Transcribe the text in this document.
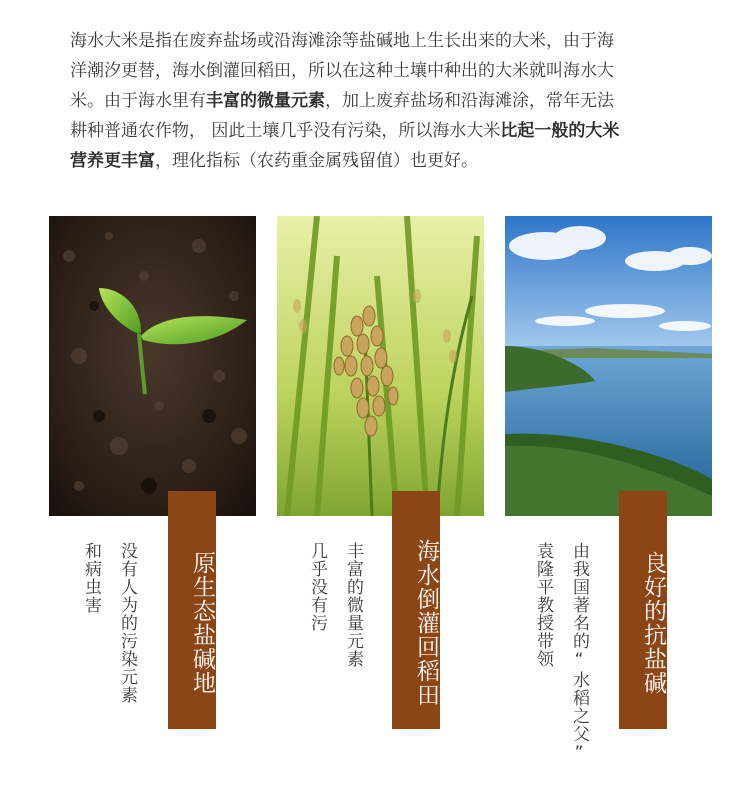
海水大米是指在废弃盐场或沿海滩涂等盐碱地上生长出来的大米，由于海
洋潮汐更替，海水倒灌回稻田，所以在这种土壤中种出的大米就叫海水大
米。由于海水里有丰富的微量元素，加上废弃盐场和沿海滩涂，常年无法
耕种普通农作物， 因此土壤几乎没有污染，所以海水大米比起一般的大米
营养更丰富，理化指标（农药重金属残留值）也更好。
原生态盐碱地	海水倒灌回稻田	良好的抗盐碱
没有人为的污染元素
和病虫害	丰富的微量元素
几乎没有污	由我国著名的“水稻之父”
袁隆平教授带领
